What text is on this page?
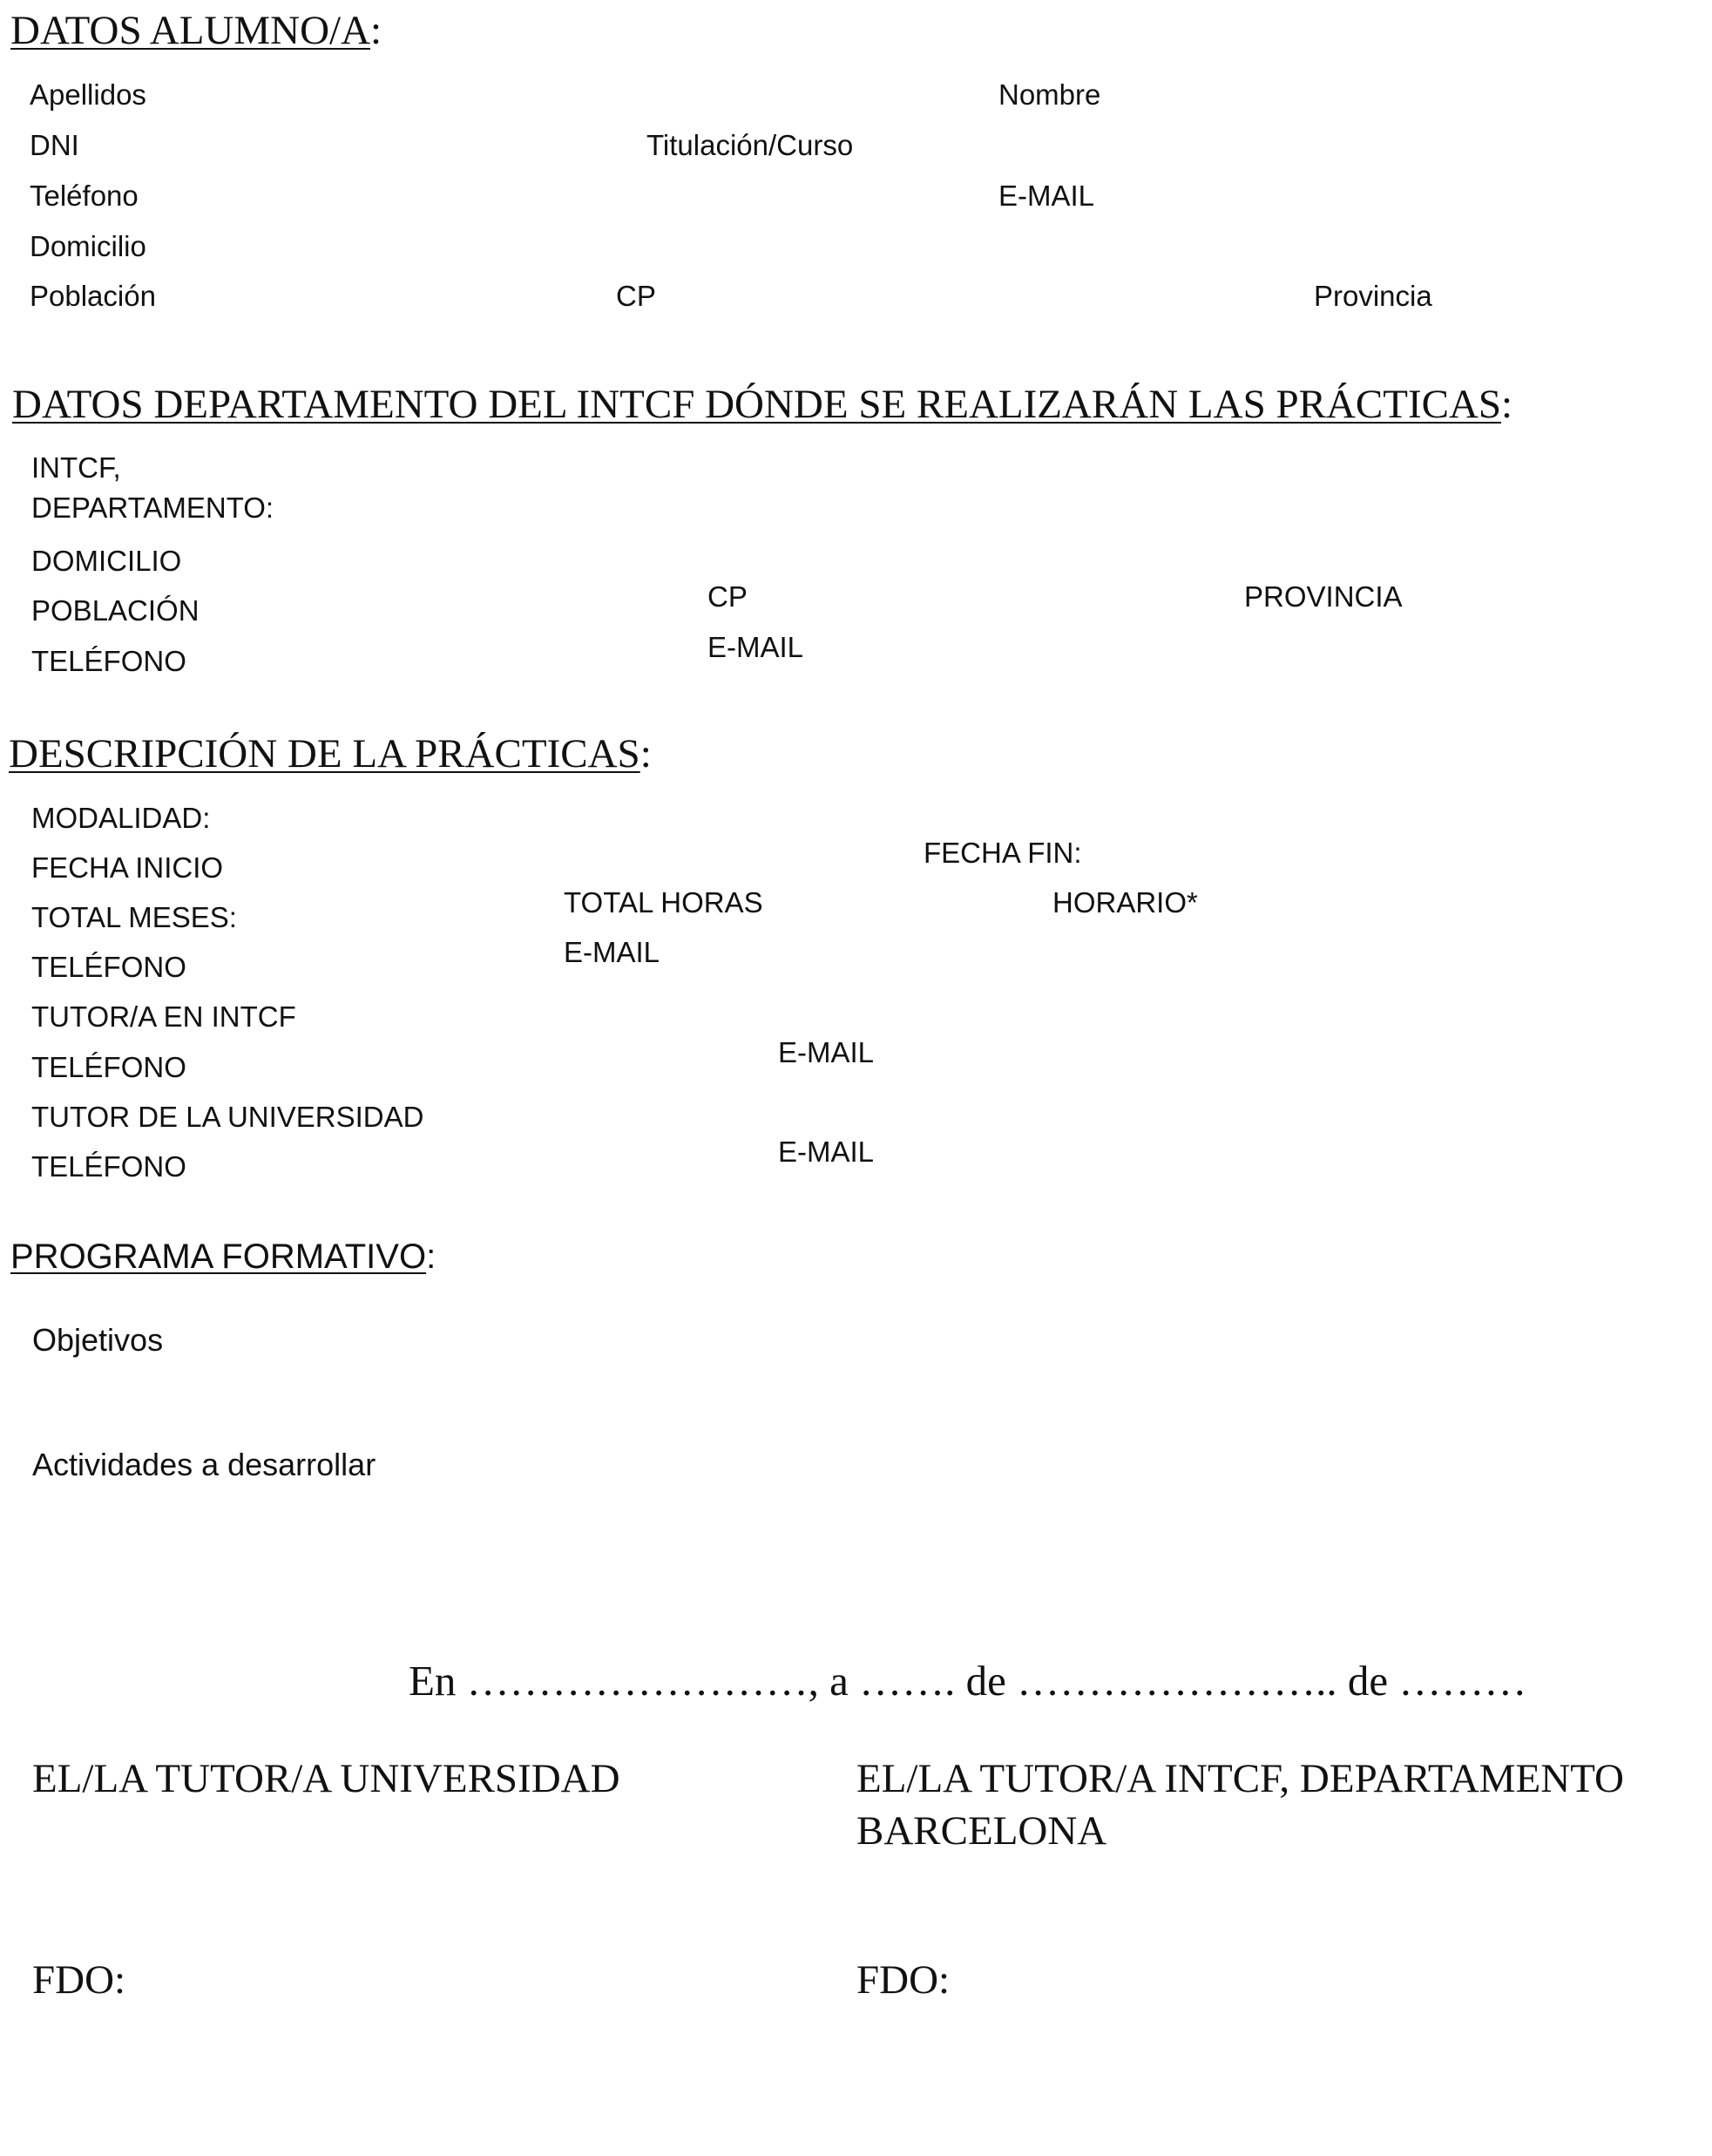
DATOS ALUMNO/A:
Apellidos	Nombre
DNI	Titulación/Curso
Teléfono	E-MAIL
Domicilio
Población	CP	Provincia
DATOS DEPARTAMENTO DEL INTCF DÓNDE SE REALIZARÁN LAS PRÁCTICAS:
INTCF,
DEPARTAMENTO:
DOMICILIO
POBLACIÓN	CP	PROVINCIA
TELÉFONO	E-MAIL
DESCRIPCIÓN DE LA PRÁCTICAS:
MODALIDAD:
FECHA INICIO	FECHA FIN:
TOTAL MESES:	TOTAL HORAS	HORARIO*
TELÉFONO	E-MAIL
TUTOR/A EN INTCF
TELÉFONO	E-MAIL
TUTOR DE LA UNIVERSIDAD
TELÉFONO	E-MAIL
PROGRAMA FORMATIVO:
Objetivos
Actividades a desarrollar
En ……………………, a ……. de ………………….. de ………
EL/LA TUTOR/A UNIVERSIDAD	EL/LA TUTOR/A INTCF, DEPARTAMENTO
BARCELONA
FDO:	FDO:
